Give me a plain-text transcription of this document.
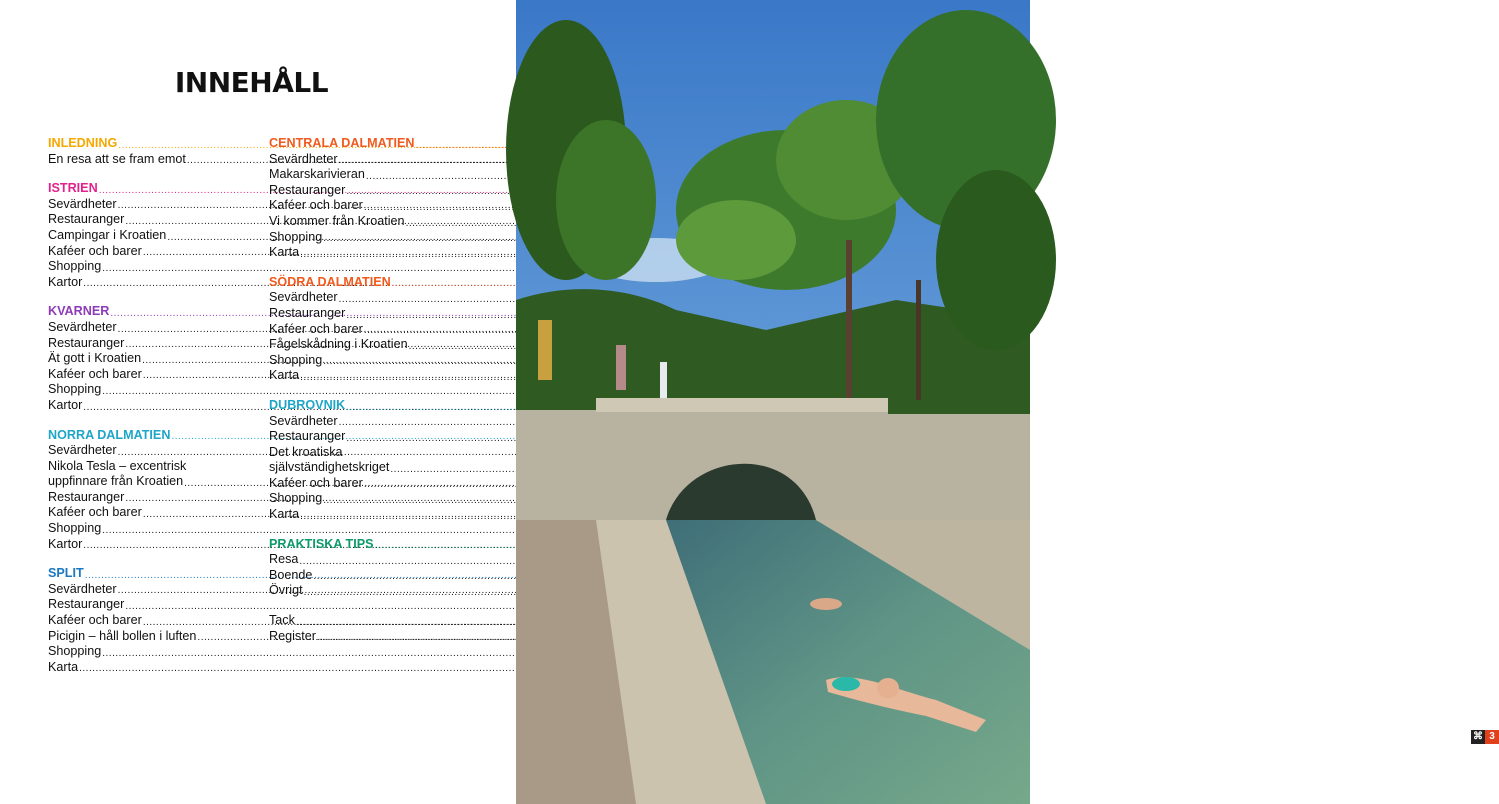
INNEHÅLL
INLEDNING
.....
En resa att se fram emot
.....
ISTRIEN
.....
Sevärdheter
.....
Restauranger
.....
Campingar i Kroatien
.....
Kaféer och barer
.....
Shopping
.....
Kartor
.....
KVARNER
.....
Sevärdheter
.....
Restauranger
.....
Ät gott i Kroatien
.....
Kaféer och barer
.....
Shopping
.....
Kartor
.....
NORRA DALMATIEN
.....
Sevärdheter
.....
Nikola Tesla – excentrisk
uppfinnare från Kroatien
.....
Restauranger
.....
Kaféer och barer
.....
Shopping
.....
Kartor
.....
SPLIT
.....
Sevärdheter
.....
Restauranger
.....
Kaféer och barer
.....
Picigin – håll bollen i luften
.....
Shopping
.....
Karta
.....
CENTRALA DALMATIEN
.....
Sevärdheter
.....
Makarskarivieran
.....
Restauranger
.....
Kaféer och barer
.....
Vi kommer från Kroatien
.....
Shopping
.....
Karta
.....
SÖDRA DALMATIEN
.....
Sevärdheter
.....
Restauranger
.....
Kaféer och barer
.....
Fågelskådning i Kroatien
.....
Shopping
.....
Karta
.....
DUBROVNIK
.....
Sevärdheter
.....
Restauranger
.....
Det kroatiska
självständighetskriget
.....
Kaféer och barer
.....
Shopping
.....
Karta
.....
PRAKTISKA TIPS
.....
Resa
.....
Boende
.....
Övrigt
.....
Tack
.....
Register
.....
⌘ 3
